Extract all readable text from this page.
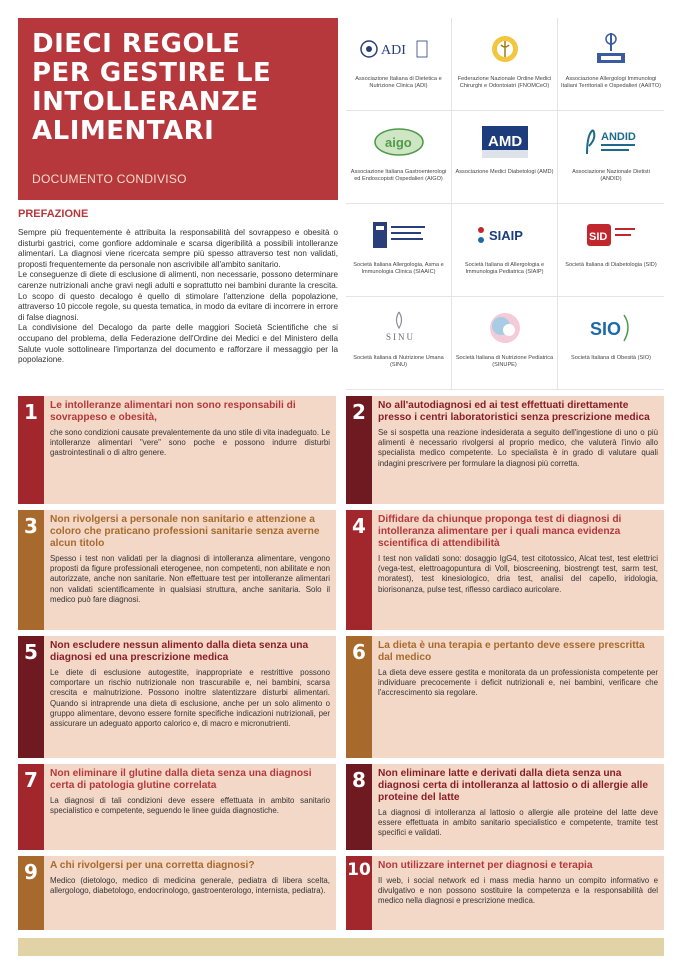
DIECI REGOLE
PER GESTIRE LE
INTOLLERANZE
ALIMENTARI
DOCUMENTO CONDIVISO
PREFAZIONE

Sempre più frequentemente è attribuita la responsabilità del sovrappeso e obesità o disturbi gastrici, come gonfiore addominale e scarsa digeribilità a possibili intolleranze alimentari. La diagnosi viene ricercata sempre più spesso attraverso test non validati, proposti frequentemente da personale non ascrivibile all'ambito sanitario.

Le conseguenze di diete di esclusione di alimenti, non necessarie, possono determinare carenze nutrizionali anche gravi negli adulti e soprattutto nei bambini durante la crescita. Lo scopo di questo decalogo è quello di stimolare l'attenzione della popolazione, attraverso 10 piccole regole, su questa tematica, in modo da evitare di incorrere in errore di false diagnosi.

La condivisione del Decalogo da parte delle maggiori Società Scientifiche che si occupano del problema, della Federazione dell'Ordine dei Medici e del Ministero della Salute vuole sottolineare l'importanza del documento e rafforzare il messaggio per la popolazione.

ADI
Associazione Italiana di Dietetica e Nutrizione Clinica (ADI)
Federazione Nazionale Ordine Medici Chirurghi e Odontoiatri (FNOMCeO)
Associazione Allergologi Immunologi Italiani Territoriali e Ospedalieri (AAIITO)
aigo
Associazione Italiana Gastroenterologi ed Endoscopisti Ospedalieri (AIGO)
AMD
Associazione Medici Diabetologi (AMD)
ANDID
Associazione Nazionale Dietisti (ANDID)
Società Italiana Allergologia, Asma e Immunologia Clinica (SIAAIC)
SIAIP
Società Italiana di Allergologia e Immunologia Pediatrica (SIAIP)
SID
Società Italiana di Diabetologia (SID)
SINU
Società Italiana di Nutrizione Umana (SINU)
Società Italiana di Nutrizione Pediatrica (SINUPE)
SIO
Società Italiana di Obesità (SIO)
1	Le intolleranze alimentari non sono responsabili di sovrappeso e obesità,
che sono condizioni causate prevalentemente da uno stile di vita inadeguato. Le intolleranze alimentari "vere" sono poche e possono indurre disturbi gastrointestinali o di altro genere.
2	No all'autodiagnosi ed ai test effettuati direttamente presso i centri laboratoristici senza prescrizione medica
Se si sospetta una reazione indesiderata a seguito dell'ingestione di uno o più alimenti è necessario rivolgersi al proprio medico, che valuterà l'invio allo specialista medico competente. Lo specialista è in grado di valutare quali indagini prescrivere per formulare la diagnosi più corretta.
3	Non rivolgersi a personale non sanitario e attenzione a coloro che praticano professioni sanitarie senza averne alcun titolo
Spesso i test non validati per la diagnosi di intolleranza alimentare, vengono proposti da figure professionali eterogenee, non competenti, non abilitate e non autorizzate, anche non sanitarie. Non effettuare test per intolleranze alimentari non validati scientificamente in qualsiasi struttura, anche sanitaria. Solo il medico può fare diagnosi.
4	Diffidare da chiunque proponga test di diagnosi di intolleranza alimentare per i quali manca evidenza scientifica di attendibilità
I test non validati sono: dosaggio IgG4, test citotossico, Alcat test, test elettrici (vega-test, elettroagopuntura di Voll, bioscreening, biostrengt test, sarm test, moratest), test kinesiologico, dria test, analisi del capello, iridologia, biorisonanza, pulse test, riflesso cardiaco auricolare.
5	Non escludere nessun alimento dalla dieta senza una diagnosi ed una prescrizione medica
Le diete di esclusione autogestite, inappropriate e restrittive possono comportare un rischio nutrizionale non trascurabile e, nei bambini, scarsa crescita e malnutrizione. Possono inoltre slatentizzare disturbi alimentari. Quando si intraprende una dieta di esclusione, anche per un solo alimento o gruppo alimentare, devono essere fornite specifiche indicazioni nutrizionali, per assicurare un adeguato apporto calorico e, di macro e micronutrienti.
6	La dieta è una terapia e pertanto deve essere prescritta dal medico
La dieta deve essere gestita e monitorata da un professionista competente per individuare precocemente i deficit nutrizionali e, nei bambini, verificare che l'accrescimento sia regolare.
7	Non eliminare il glutine dalla dieta senza una diagnosi certa di patologia glutine correlata
La diagnosi di tali condizioni deve essere effettuata in ambito sanitario specialistico e competente, seguendo le linee guida diagnostiche.
8	Non eliminare latte e derivati dalla dieta senza una diagnosi certa di intolleranza al lattosio o di allergie alle proteine del latte
La diagnosi di intolleranza al lattosio o allergie alle proteine del latte deve essere effettuata in ambito sanitario specialistico e competente, tramite test specifici e validati.
9	A chi rivolgersi per una corretta diagnosi?
Medico (dietologo, medico di medicina generale, pediatra di libera scelta, allergologo, diabetologo, endocrinologo, gastroenterologo, internista, pediatra).
10 Non utilizzare internet per diagnosi e terapia
Il web, i social network ed i mass media hanno un compito informativo e divulgativo e non possono sostituire la competenza e la responsabilità del medico nella diagnosi e prescrizione medica.
